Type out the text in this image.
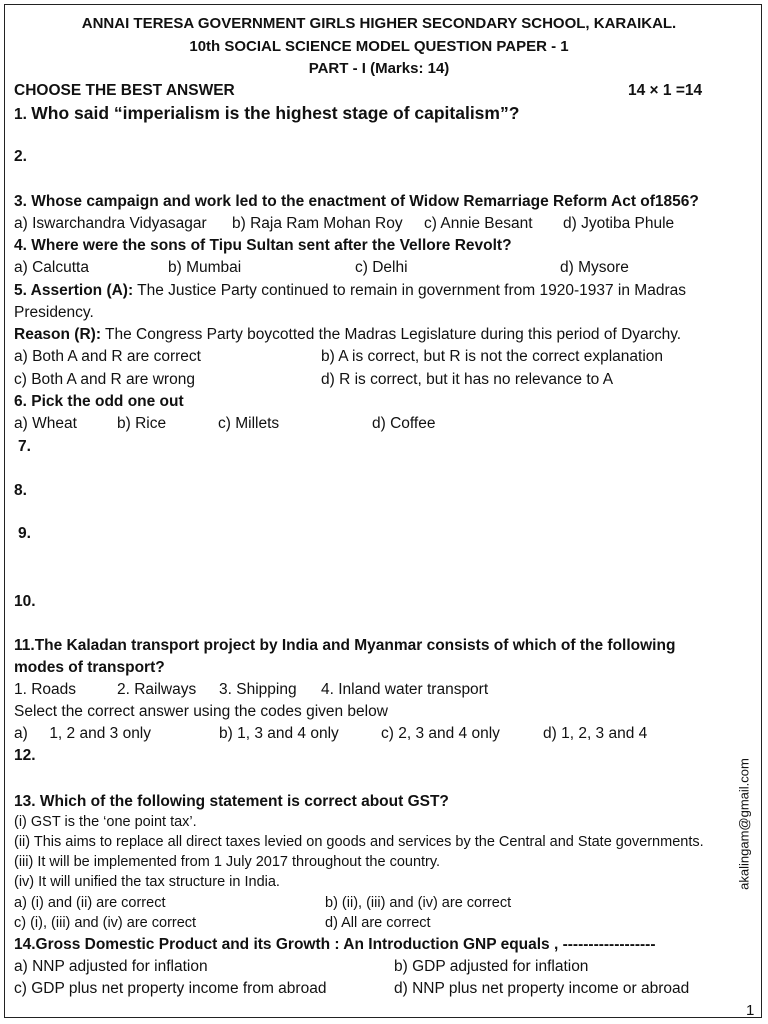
ANNAI TERESA GOVERNMENT GIRLS HIGHER SECONDARY SCHOOL, KARAIKAL.
10th SOCIAL SCIENCE MODEL QUESTION PAPER - 1
PART - I (Marks: 14)
CHOOSE THE BEST ANSWER	14 × 1 =14
1. Who said “imperialism is the highest stage of capitalism”?
2.
3. Whose campaign and work led to the enactment of Widow Remarriage Reform Act of1856?
a) Iswarchandra Vidyasagar b) Raja Ram Mohan Roy c) Annie Besant d) Jyotiba Phule
4. Where were the sons of Tipu Sultan sent after the Vellore Revolt?
a) Calcutta	b) Mumbai	c) Delhi	d) Mysore
5. Assertion (A): The Justice Party continued to remain in government from 1920-1937 in Madras
Presidency.
Reason (R): The Congress Party boycotted the Madras Legislature during this period of Dyarchy.
a) Both A and R are correct	b) A is correct, but R is not the correct explanation
c) Both A and R are wrong	d) R is correct, but it has no relevance to A
6. Pick the odd one out
a) Wheat	b) Rice	c) Millets	d) Coffee
7.
8.
9.
10.
11.The Kaladan transport project by India and Myanmar consists of which of the following
modes of transport?
1. Roads	2. Railways 3. Shipping 4. Inland water transport
Select the correct answer using the codes given below
a)     1, 2 and 3 only	b) 1, 3 and 4 only	c) 2, 3 and 4 only	d) 1, 2, 3 and 4
12.
13. Which of the following statement is correct about GST?
(i) GST is the ‘one point tax’.
(ii) This aims to replace all direct taxes levied on goods and services by the Central and State governments.
(iii) It will be implemented from 1 July 2017 throughout the country.
(iv) It will unified the tax structure in India.
a) (i) and (ii) are correct	b) (ii), (iii) and (iv) are correct
c) (i), (iii) and (iv) are correct	d) All are correct
14.Gross Domestic Product and its Growth : An Introduction GNP equals , ------------------
a) NNP adjusted for inflation	b) GDP adjusted for inflation
c) GDP plus net property income from abroad	d) NNP plus net property income or abroad
akalingam@gmail.com
1
